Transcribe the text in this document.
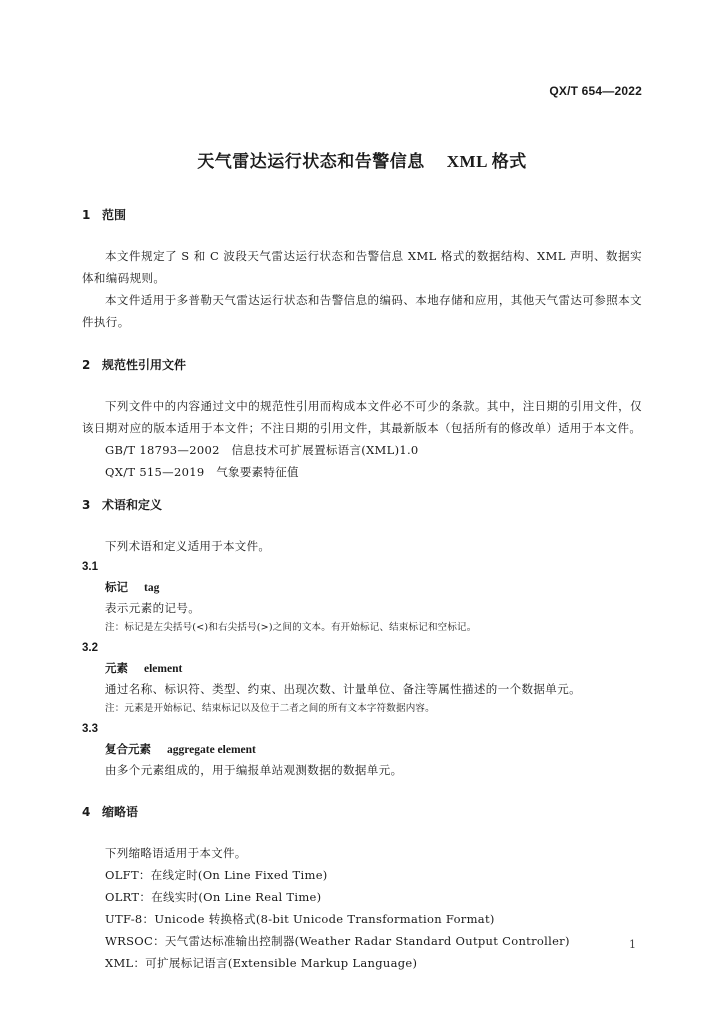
QX/T 654—2022
天气雷达运行状态和告警信息 XML 格式
1 范围
本文件规定了 S 和 C 波段天气雷达运行状态和告警信息 XML 格式的数据结构、XML 声明、数据实体和编码规则。
本文件适用于多普勒天气雷达运行状态和告警信息的编码、本地存储和应用，其他天气雷达可参照本文件执行。
2 规范性引用文件
下列文件中的内容通过文中的规范性引用而构成本文件必不可少的条款。其中，注日期的引用文件，仅该日期对应的版本适用于本文件；不注日期的引用文件，其最新版本（包括所有的修改单）适用于本文件。
GB/T 18793—2002　信息技术可扩展置标语言(XML)1.0
QX/T 515—2019　气象要素特征值
3 术语和定义
下列术语和定义适用于本文件。
3.1
标记 tag
表示元素的记号。
注：标记是左尖括号(<)和右尖括号(>)之间的文本。有开始标记、结束标记和空标记。
3.2
元素 element
通过名称、标识符、类型、约束、出现次数、计量单位、备注等属性描述的一个数据单元。
注：元素是开始标记、结束标记以及位于二者之间的所有文本字符数据内容。
3.3
复合元素 aggregate element
由多个元素组成的，用于编报单站观测数据的数据单元。
4 缩略语
下列缩略语适用于本文件。
OLFT：在线定时(On Line Fixed Time)
OLRT：在线实时(On Line Real Time)
UTF-8：Unicode 转换格式(8-bit Unicode Transformation Format)
WRSOC：天气雷达标准输出控制器(Weather Radar Standard Output Controller)
XML：可扩展标记语言(Extensible Markup Language)
1
